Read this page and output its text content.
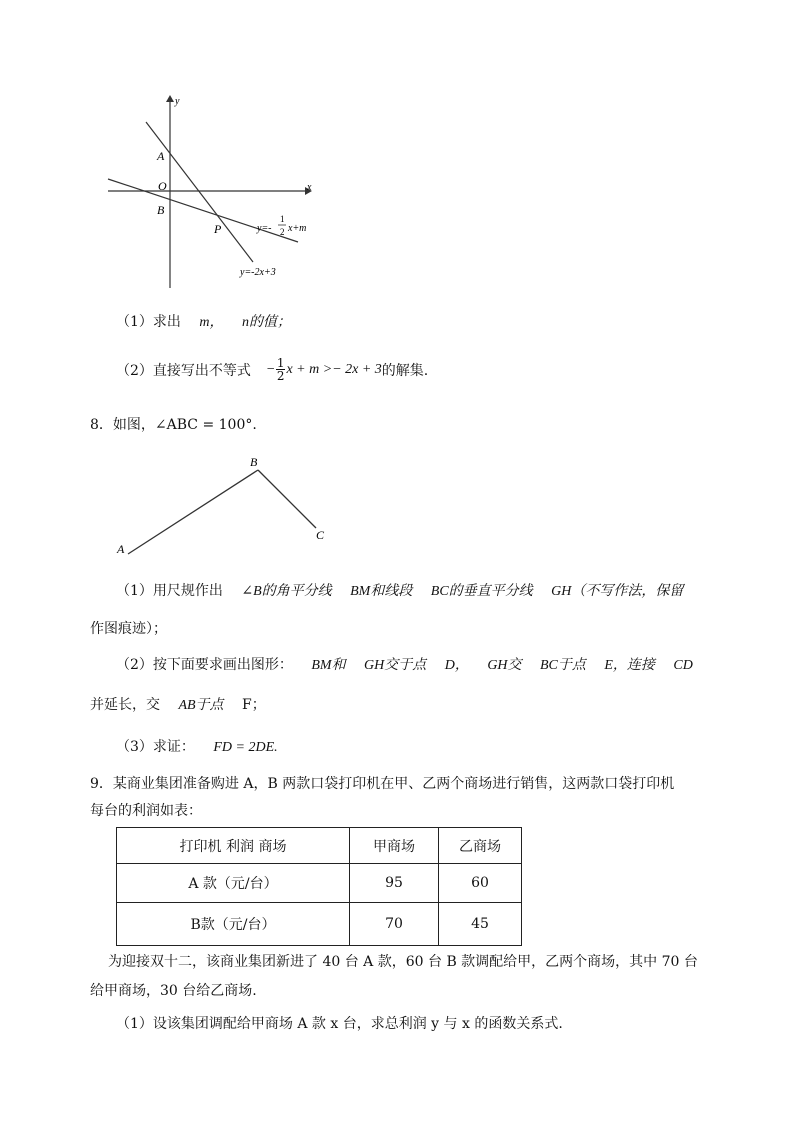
x
y
A
O
B
P	y=-
1
2 x+m
y=-2x+3
（1）求出 m， n的值；
（2）直接写出不等式 − $\frac{1}{2}$ x + m >− 2x + 3 的解集.
8．如图，∠ABC = 100°.
A
B
C
（1）用尺规作出 ∠B的角平分线 BM和线段 BC的垂直平分线 GH（不写作法，保留
作图痕迹）；
（2）按下面要求画出图形： BM和 GH交于点 D， GH交 BC于点 E，连接 CD
并延长，交 AB于点 F；
（3）求证： FD = 2DE.
9．某商业集团准备购进 A，B 两款口袋打印机在甲、乙两个商场进行销售，这两款口袋打印机
每台的利润如表：
打印机 利润 商场	甲商场	乙商场
A 款（元/台）	95	60
B款（元/台）	70	45
为迎接双十二，该商业集团新进了 40 台 A 款，60 台 B 款调配给甲，乙两个商场，其中 70 台
给甲商场，30 台给乙商场.
（1）设该集团调配给甲商场 A 款 x 台，求总利润 y 与 x 的函数关系式.
